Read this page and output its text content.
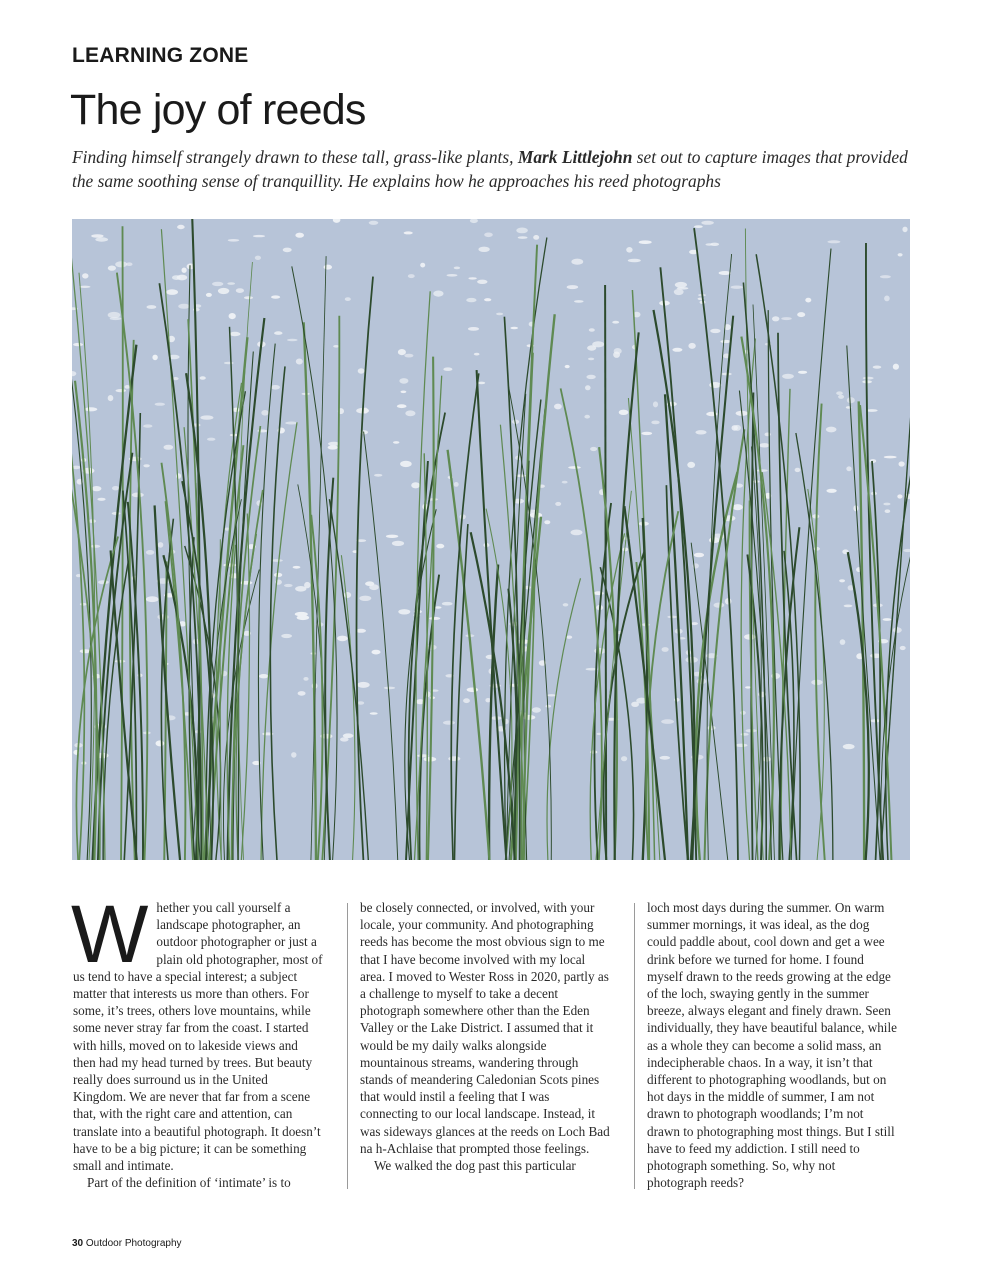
LEARNING ZONE
The joy of reeds
Finding himself strangely drawn to these tall, grass-like plants, Mark Littlejohn set out to capture images that provided the same soothing sense of tranquillity. He explains how he approaches his reed photographs

Whether you call yourself a landscape photographer, an outdoor photographer or just a plain old photographer, most of us tend to have a special interest; a subject matter that interests us more than others. For some, it’s trees, others love mountains, while some never stray far from the coast. I started with hills, moved on to lakeside views and then had my head turned by trees. But beauty really does surround us in the United Kingdom. We are never that far from a scene that, with the right care and attention, can translate into a beautiful photograph. It doesn’t have to be a big picture; it can be something small and intimate.

Part of the definition of ‘intimate’ is to

be closely connected, or involved, with your locale, your community. And photographing reeds has become the most obvious sign to me that I have become involved with my local area. I moved to Wester Ross in 2020, partly as a challenge to myself to take a decent photograph somewhere other than the Eden Valley or the Lake District. I assumed that it would be my daily walks alongside mountainous streams, wandering through stands of meandering Caledonian Scots pines that would instil a feeling that I was connecting to our local landscape. Instead, it was sideways glances at the reeds on Loch Bad na h-Achlaise that prompted those feelings.

We walked the dog past this particular

loch most days during the summer. On warm summer mornings, it was ideal, as the dog could paddle about, cool down and get a wee drink before we turned for home. I found myself drawn to the reeds growing at the edge of the loch, swaying gently in the summer breeze, always elegant and finely drawn. Seen individually, they have beautiful balance, while as a whole they can become a solid mass, an indecipherable chaos. In a way, it isn’t that different to photographing woodlands, but on hot days in the middle of summer, I am not drawn to photograph woodlands; I’m not drawn to photographing most things. But I still have to feed my addiction. I still need to photograph something. So, why not photograph reeds?

30 Outdoor Photography
